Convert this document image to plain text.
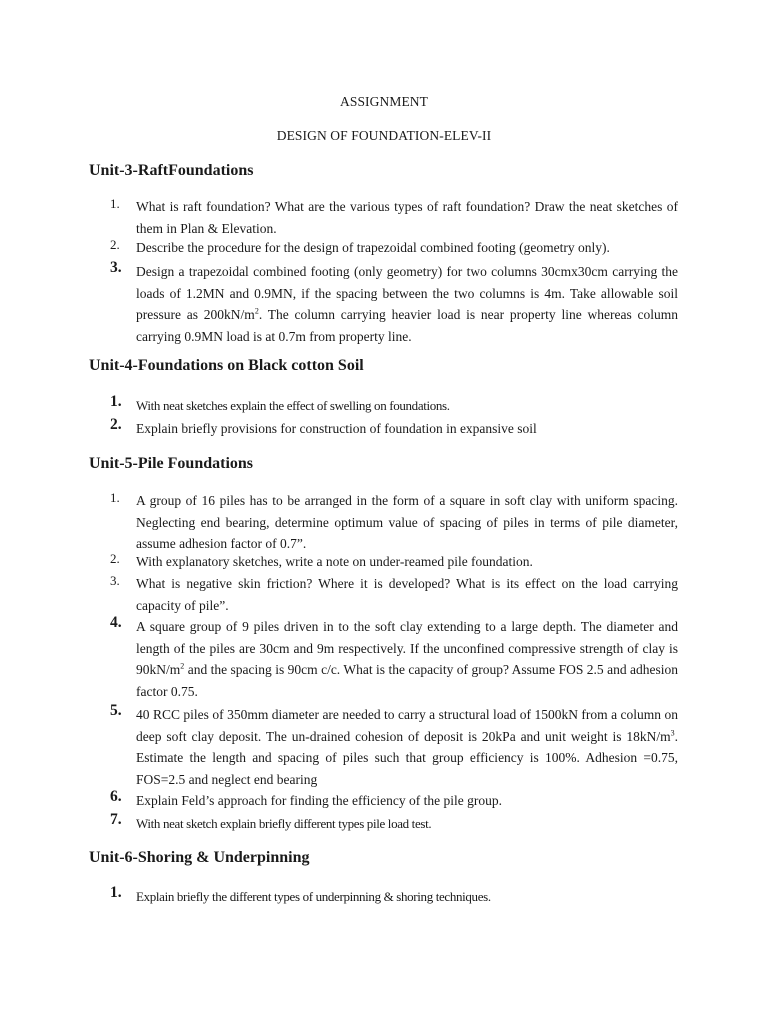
ASSIGNMENT
DESIGN OF FOUNDATION-ELEV-II
Unit-3-RaftFoundations
1. What is raft foundation? What are the various types of raft foundation? Draw the neat sketches of them in Plan & Elevation.
2. Describe the procedure for the design of trapezoidal combined footing (geometry only).
3. Design a trapezoidal combined footing (only geometry) for two columns 30cmx30cm carrying the loads of 1.2MN and 0.9MN, if the spacing between the two columns is 4m. Take allowable soil pressure as $200kN/m^2$. The column carrying heavier load is near property line whereas column carrying 0.9MN load is at 0.7m from property line.
Unit-4-Foundations on Black cotton Soil
1. With neat sketches explain the effect of swelling on foundations.
2. Explain briefly provisions for construction of foundation in expansive soil
Unit-5-Pile Foundations
1. A group of 16 piles has to be arranged in the form of a square in soft clay with uniform spacing. Neglecting end bearing, determine optimum value of spacing of piles in terms of pile diameter, assume adhesion factor of 0.7”.
2. With explanatory sketches, write a note on under-reamed pile foundation.
3. What is negative skin friction? Where it is developed? What is its effect on the load carrying capacity of pile”.
4. A square group of 9 piles driven in to the soft clay extending to a large depth. The diameter and length of the piles are 30cm and 9m respectively. If the unconfined compressive strength of clay is $90kN/m^2$ and the spacing is 90cm c/c. What is the capacity of group? Assume FOS 2.5 and adhesion factor 0.75.
5. 40 RCC piles of 350mm diameter are needed to carry a structural load of 1500kN from a column on deep soft clay deposit. The un-drained cohesion of deposit is 20kPa and unit weight is $18kN/m^3$. Estimate the length and spacing of piles such that group efficiency is 100%. Adhesion =0.75, FOS=2.5 and neglect end bearing
6. Explain Feld’s approach for finding the efficiency of the pile group.
7. With neat sketch explain briefly different types pile load test.
Unit-6-Shoring & Underpinning
1. Explain briefly the different types of underpinning & shoring techniques.
